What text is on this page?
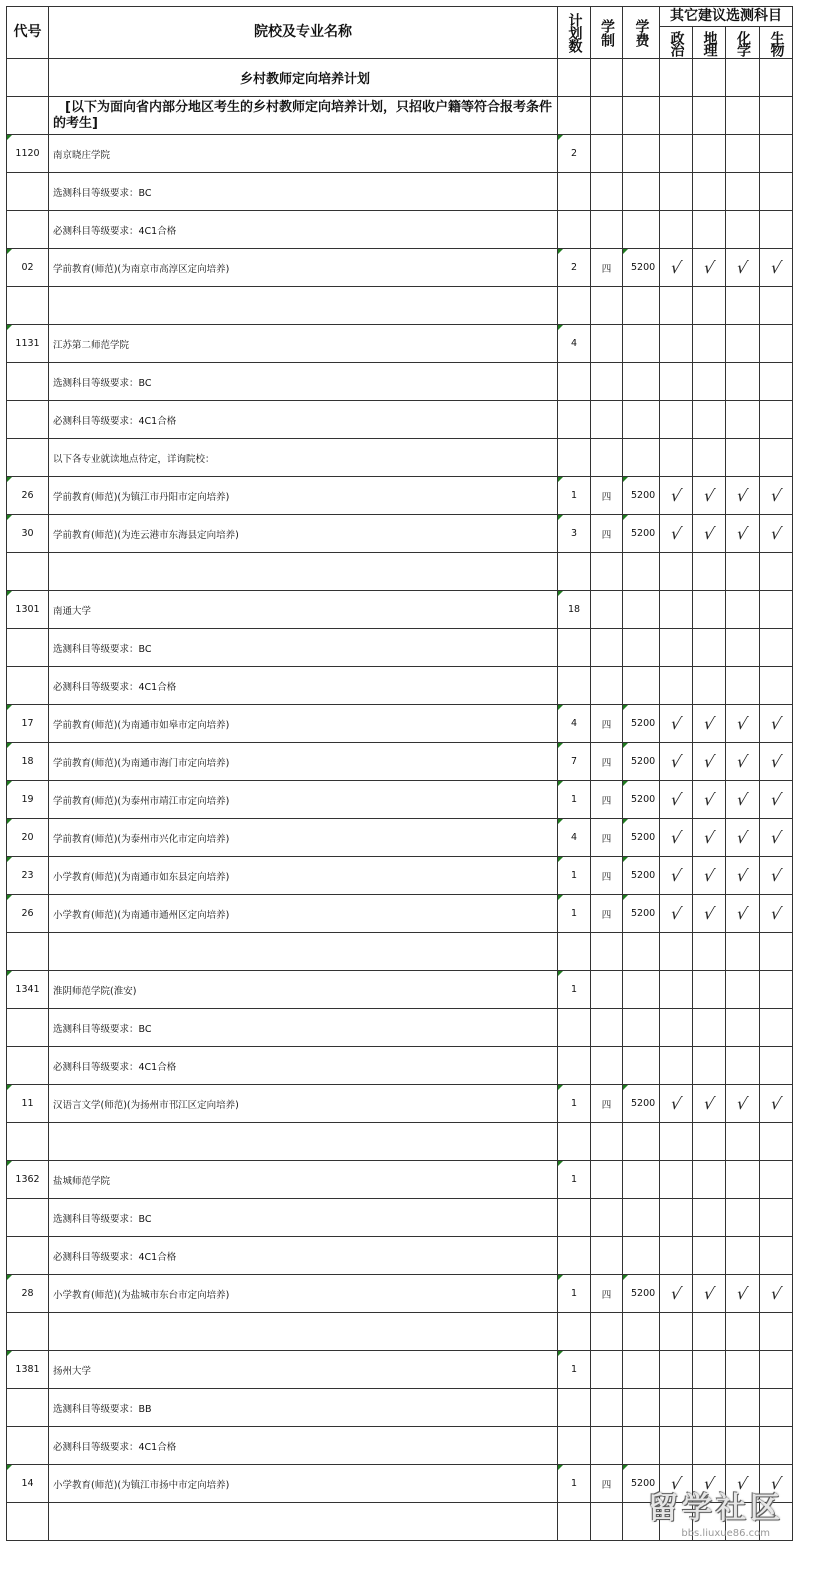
代号	院校及专业名称	计划数	学制	学费	其它建议选测科目			
					政治	地理	化学	生物
	乡村教师定向培养计划							
	[以下为面向省内部分地区考生的乡村教师定向培养计划，只招收户籍等符合报考条件的考生]							
1120	南京晓庄学院	2						
	选测科目等级要求：BC							
	必测科目等级要求：4C1合格							
02	学前教育(师范)(为南京市高淳区定向培养)	2	四	5200	√	√	√	√

1131	江苏第二师范学院	4						
	选测科目等级要求：BC							
	必测科目等级要求：4C1合格							
	以下各专业就读地点待定，详询院校：							
26	学前教育(师范)(为镇江市丹阳市定向培养)	1	四	5200	√	√	√	√
30	学前教育(师范)(为连云港市东海县定向培养)	3	四	5200	√	√	√	√

1301	南通大学	18						
	选测科目等级要求：BC							
	必测科目等级要求：4C1合格							
17	学前教育(师范)(为南通市如皋市定向培养)	4	四	5200	√	√	√	√
18	学前教育(师范)(为南通市海门市定向培养)	7	四	5200	√	√	√	√
19	学前教育(师范)(为泰州市靖江市定向培养)	1	四	5200	√	√	√	√
20	学前教育(师范)(为泰州市兴化市定向培养)	4	四	5200	√	√	√	√
23	小学教育(师范)(为南通市如东县定向培养)	1	四	5200	√	√	√	√
26	小学教育(师范)(为南通市通州区定向培养)	1	四	5200	√	√	√	√

1341	淮阴师范学院(淮安)	1						
	选测科目等级要求：BC							
	必测科目等级要求：4C1合格							
11	汉语言文学(师范)(为扬州市邗江区定向培养)	1	四	5200	√	√	√	√

1362	盐城师范学院	1						
	选测科目等级要求：BC							
	必测科目等级要求：4C1合格							
28	小学教育(师范)(为盐城市东台市定向培养)	1	四	5200	√	√	√	√

1381	扬州大学	1						
	选测科目等级要求：BB							
	必测科目等级要求：4C1合格							
14	小学教育(师范)(为镇江市扬中市定向培养)	1	四	5200	√	√	√	√

留学社区
bbs.liuxue86.com
